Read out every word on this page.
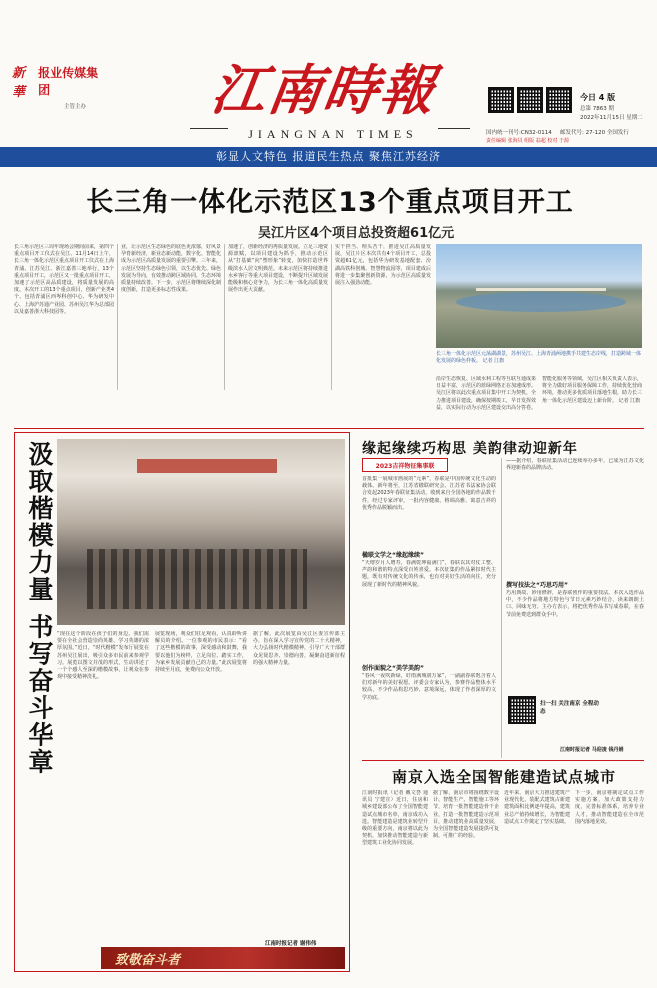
新華
报业传媒集团
主管主办	江南時報
JIANGNAN TIMES
今日 4 版
总第 7863 期
2022年11月15日 星期二
国内统一刊号:CN32-0114 邮发代号: 27-120 全国发行
责任编辑 张海贝 组版 翁超 校对 于源
彰显人文特色 报道民生热点 聚焦江苏经济
长三角一体化示范区13个重点项目开工
吴江片区4个项目总投资超61亿元
长三角示范区三周年现场会期间前来，第四个重点项目开工仪式在吴江、11月14日上午，长三角一体化示范区重点项目开工仪式在上海青浦、江苏吴江、浙江嘉善三地举行，13个重点项目开工，示范区又一批重点项目开工，加速了示范区高品质建设，将质量发展的高度。本次开工的13个重点项目，创新产业类4个、包括青浦区西岑科创中心、华为研发中心、上海沪苏通产业园、苏州吴江华为总部园以及嘉善浙大科技园等。
业，让示范区生态绿色的底色更浓郁，好风景孕育新经济，新业态新动能，数字化、智能化成为示范区高质量发展的重要引擎。三年来，示范区坚持生态绿色引领，以生态优先、绿色发展为导向，有效推动跨区域协同，生态环境质量持续改善。下一步，示范区将继续深化制度创新，打造更多标志性成果。
加速了，创新经济的再质量发展。立足三地资源禀赋，以项目建设为抓手，推动示范区从“打基础”向“塑形象”转变，加快打造世界级滨水人居文明典范。未来示范区将持续推进水乡客厅等重大项目建设，不断提升区域发展能级和核心竞争力，为长三角一体化高质量发展作出更大贡献。
实干担当、埋头苦干，推进吴江高质量发展，吴江片区本次共有4个项目开工，总投资超61亿元，包括华为研发基地配套、汾湖高铁科创城、智慧物流园等，项目建成后将进一步集聚创新资源，为示范区高质量发展注入强劲动能。
长三角一体化示范区元荡湖湖景，苏州吴江、上海青浦两地携手共建生态岸线，打造跨域一体化发展的绿色样板。 记者 江旗
沿岸生态恢复、区域水利工程等互联互通成果日益丰富，示范区的蓝绿网络正在加速成形。吴江区将以此次重点项目集中开工为契机，全力推进项目建设，确保按期竣工，早日发挥效益，以实际行动为示范区建设交出高分答卷。
智能化服务等领域，吴江区相关负责人表示，将全力做好项目服务保障工作，持续优化营商环境，推动更多优质项目落地生根，助力长三角一体化示范区建设迈上新台阶。 记者 江旗
汲取楷模力量 书写奋斗华章 “现在这个阶段在孩子们的身边，我们需要在全社会营造崇尚英雄、学习英雄的浓厚氛围。”近日，“时代楷模”发布厅展览在苏州吴江展出，吸引众多市民前来参观学习。展览以图文并茂的形式，生动讲述了一个个感人至深的楷模故事，让观众在参观中接受精神洗礼。
展览现场，观众们驻足观看，认真聆听讲解员的介绍。一位参观的市民表示：“看了这些楷模的故事，深受感动和鼓舞，我要以他们为榜样，立足岗位、踏实工作，为家乡发展贡献自己的力量。”此次展览将持续至月底，免费向公众开放。
据了解，此次展览由吴江区委宣传部主办，旨在深入学习宣传党的二十大精神，大力弘扬时代楷模精神，引导广大干部群众见贤思齐、崇德向善，凝聚奋进新征程的强大精神力量。
江南时报记者 谢伟伟
致敬奋斗者
缘起缘续巧构思 美韵律动迎新年
2023吉祥物征集事联
首批集一展城市画展的“元素”，春联是中国传统文化生动的载体。新年将至，江苏省楹联研究会、江苏省书法家协会联合发起2023年春联征集活动，收到来自全国各地的作品数千件，经过专家评审，一批内容健康、格调高雅、寓意吉祥的优秀作品脱颖而出。
楹联文学之“缘起缘续”
“天增岁月人增寿，春满乾坤福满门”，春联以其对仗工整、声韵和谐的特点深受百姓喜爱。本次征集的作品紧扣时代主题，既有对传统文化的传承，也有对美好生活的向往，充分展现了新时代的精神风貌。
创作面貌之“美学美韵”
“春风一夜吹新绿，好雨满城润万家”，一副副春联饱含着人们对新年的美好祝愿。评委会专家认为，参赛作品整体水平较高，不少作品构思巧妙、意境深远，体现了作者深厚的文学功底。
——据介绍，春联征集活动已连续举办多年，已成为江苏文化界迎新春的品牌活动。
撰写技法之“巧思巧用”
巧用典故、妙用修辞，是春联创作的重要技法。本次入选作品中，不少作品将地方特色与节日元素巧妙结合，读来朗朗上口、回味无穷。主办方表示，将把优秀作品书写成春联，在春节前免费送到群众手中。
扫一扫 关注南京 全程动态
江南时报记者 马迎凌 钱丹娟
南京入选全国智能建造试点城市
江南时报讯（记者 戴文荟 通讯员 宁建宣）近日，住房和城乡建设部公布了全国智能建造试点城市名单，南京成功入选。智能建造是建筑业转型升级的重要方向，南京将以此为契机，加快推动智能建造与新型建筑工业化协同发展。
据了解，南京市将围绕数字设计、智能生产、智能施工等环节，培育一批智能建造骨干企业，打造一批智能建造示范项目，推动建筑业高质量发展，为全国智能建造发展提供可复制、可推广的经验。
近年来，南京大力推进建筑产业现代化，装配式建筑占新建建筑面积比例逐年提高，建筑业总产值持续增长，为智能建造试点工作奠定了坚实基础。
下一步，南京将制定试点工作实施方案，加大政策支持力度，完善标准体系，培养专业人才，推动智能建造在全市范围内落地见效。
